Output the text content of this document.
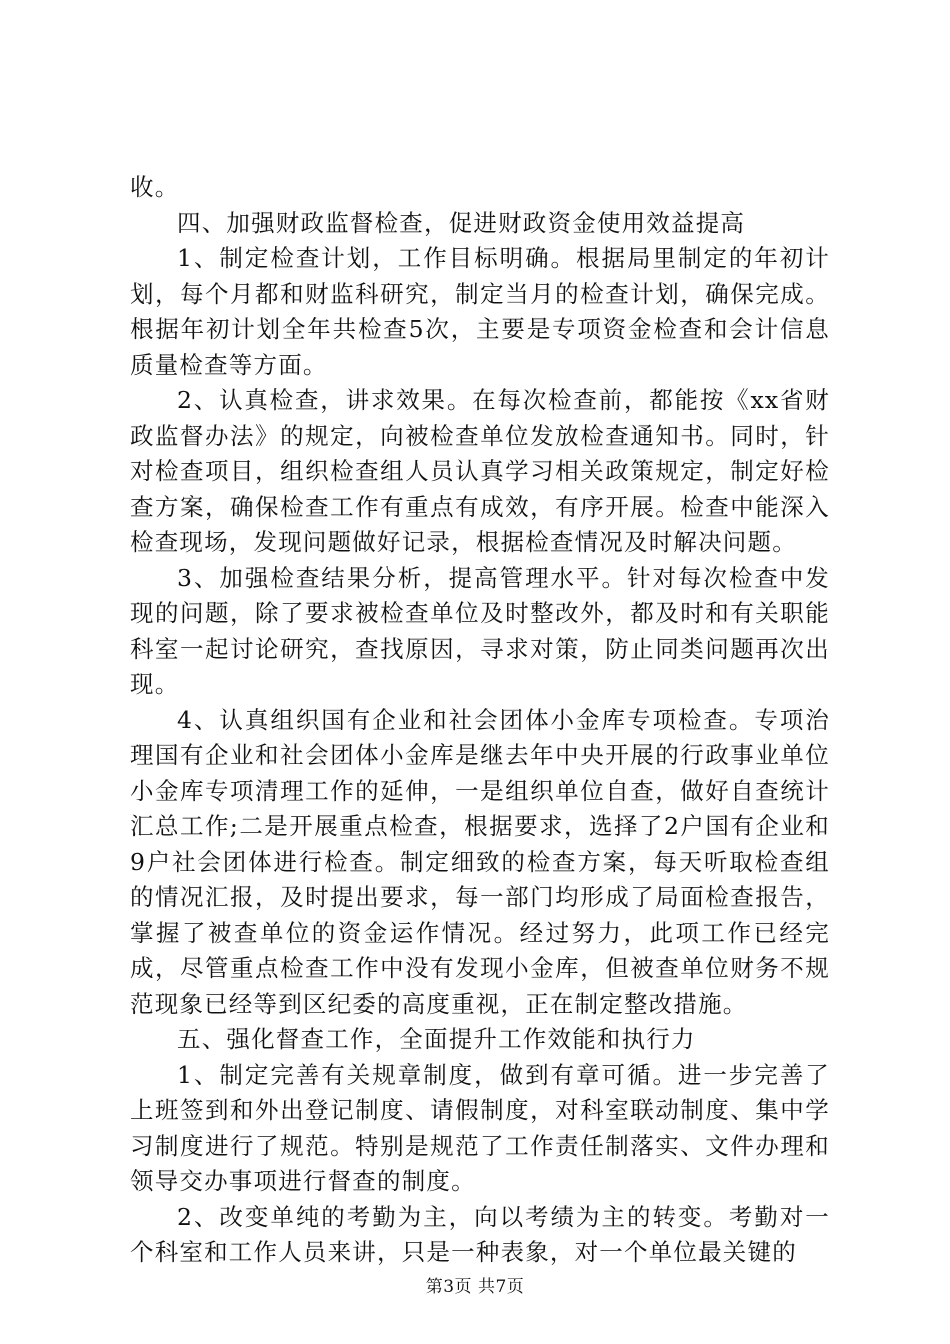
收。

四、加强财政监督检查，促进财政资金使用效益提高

1、制定检查计划，工作目标明确。根据局里制定的年初计划，每个月都和财监科研究，制定当月的检查计划，确保完成。根据年初计划全年共检查5次，主要是专项资金检查和会计信息质量检查等方面。

2、认真检查，讲求效果。在每次检查前，都能按《xx省财政监督办法》的规定，向被检查单位发放检查通知书。同时，针对检查项目，组织检查组人员认真学习相关政策规定，制定好检查方案，确保检查工作有重点有成效，有序开展。检查中能深入检查现场，发现问题做好记录，根据检查情况及时解决问题。

3、加强检查结果分析，提高管理水平。针对每次检查中发现的问题，除了要求被检查单位及时整改外，都及时和有关职能科室一起讨论研究，查找原因，寻求对策，防止同类问题再次出现。

4、认真组织国有企业和社会团体小金库专项检查。专项治理国有企业和社会团体小金库是继去年中央开展的行政事业单位小金库专项清理工作的延伸，一是组织单位自查，做好自查统计汇总工作;二是开展重点检查，根据要求，选择了2户国有企业和9户社会团体进行检查。制定细致的检查方案，每天听取检查组的情况汇报，及时提出要求，每一部门均形成了局面检查报告，掌握了被查单位的资金运作情况。经过努力，此项工作已经完成，尽管重点检查工作中没有发现小金库，但被查单位财务不规范现象已经等到区纪委的高度重视，正在制定整改措施。

五、强化督查工作，全面提升工作效能和执行力

1、制定完善有关规章制度，做到有章可循。进一步完善了上班签到和外出登记制度、请假制度，对科室联动制度、集中学习制度进行了规范。特别是规范了工作责任制落实、文件办理和领导交办事项进行督查的制度。

2、改变单纯的考勤为主，向以考绩为主的转变。考勤对一个科室和工作人员来讲，只是一种表象，对一个单位最关键的

第3页 共7页
